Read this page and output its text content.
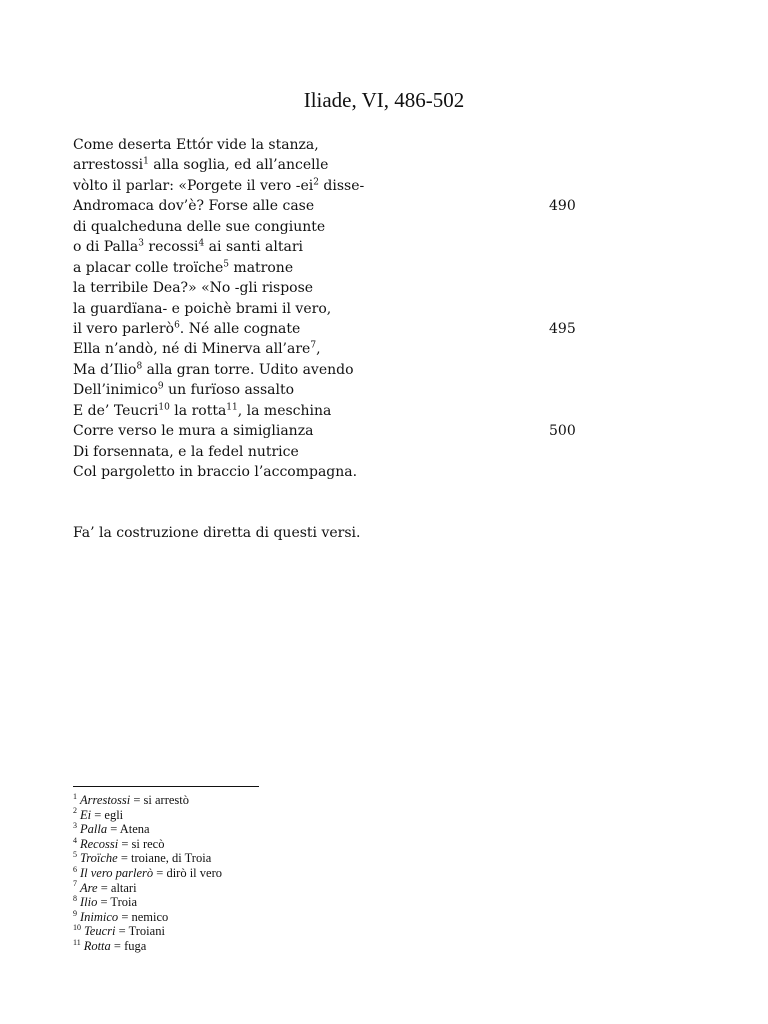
Iliade, VI, 486-502
Come deserta Ettór vide la stanza,
arrestossi$^1$ alla soglia, ed all’ancelle
vòlto il parlar: «Porgete il vero $-ei^2$ disse-
Andromaca dov’è? Forse alle case	490
di qualcheduna delle sue congiunte
o di Palla$^3$ recossi$^4$ ai santi altari
a placar colle troïche$^5$ matrone
la terribile Dea?» «No -gli rispose
la guardïana- e poichè brami il vero,
il vero parlerò$^6$. Né alle cognate	495
Ella n’andò, né di Minerva all’are$^7$,
Ma d’Ilio$^8$ alla gran torre. Udito avendo
Dell’inimico$^9$ un furïoso assalto
E de’ Teucri$^{10}$ la rotta$^{11}$, la meschina
Corre verso le mura a simiglianza	500
Di forsennata, e la fedel nutrice
Col pargoletto in braccio l’accompagna.
Fa’ la costruzione diretta di questi versi.
$^1$ Arrestossi = si arrestò
$^2$ Ei = egli
$^3$ Palla = Atena
$^4$ Recossi = si recò
$^5$ Troïche = troiane, di Troia
$^6$ Il vero parlerò = dirò il vero
$^7$ Are = altari
$^8$ Ilio = Troia
$^9$ Inimico = nemico
$^{10}$ Teucri = Troiani
$^{11}$ Rotta = fuga
